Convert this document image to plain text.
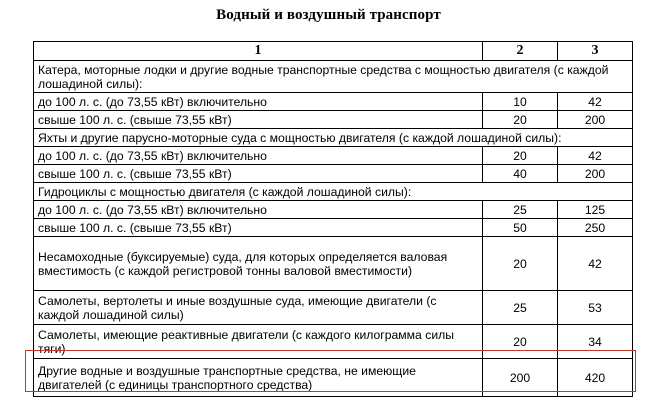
Водный и воздушный транспорт
1	2	3
Катера, моторные лодки и другие водные транспортные средства с мощностью двигателя (с каждой лошадиной силы):		
до 100 л. с. (до 73,55 кВт) включительно	10	42
свыше 100 л. с. (свыше 73,55 кВт)	20	200
Яхты и другие парусно-моторные суда с мощностью двигателя (с каждой лошадиной силы):		
до 100 л. с. (до 73,55 кВт) включительно	20	42
свыше 100 л. с. (свыше 73,55 кВт)	40	200
Гидроциклы с мощностью двигателя (с каждой лошадиной силы):		
до 100 л. с. (до 73,55 кВт) включительно	25	125
свыше 100 л. с. (свыше 73,55 кВт)	50	250
Несамоходные (буксируемые) суда, для которых определяется валовая вместимость (с каждой регистровой тонны валовой вместимости)	20	42
Самолеты, вертолеты и иные воздушные суда, имеющие двигатели (с каждой лошадиной силы)	25	53
Самолеты, имеющие реактивные двигатели (с каждого килограмма силы тяги)	20	34
Другие водные и воздушные транспортные средства, не имеющие двигателей (с единицы транспортного средства)	200	420
